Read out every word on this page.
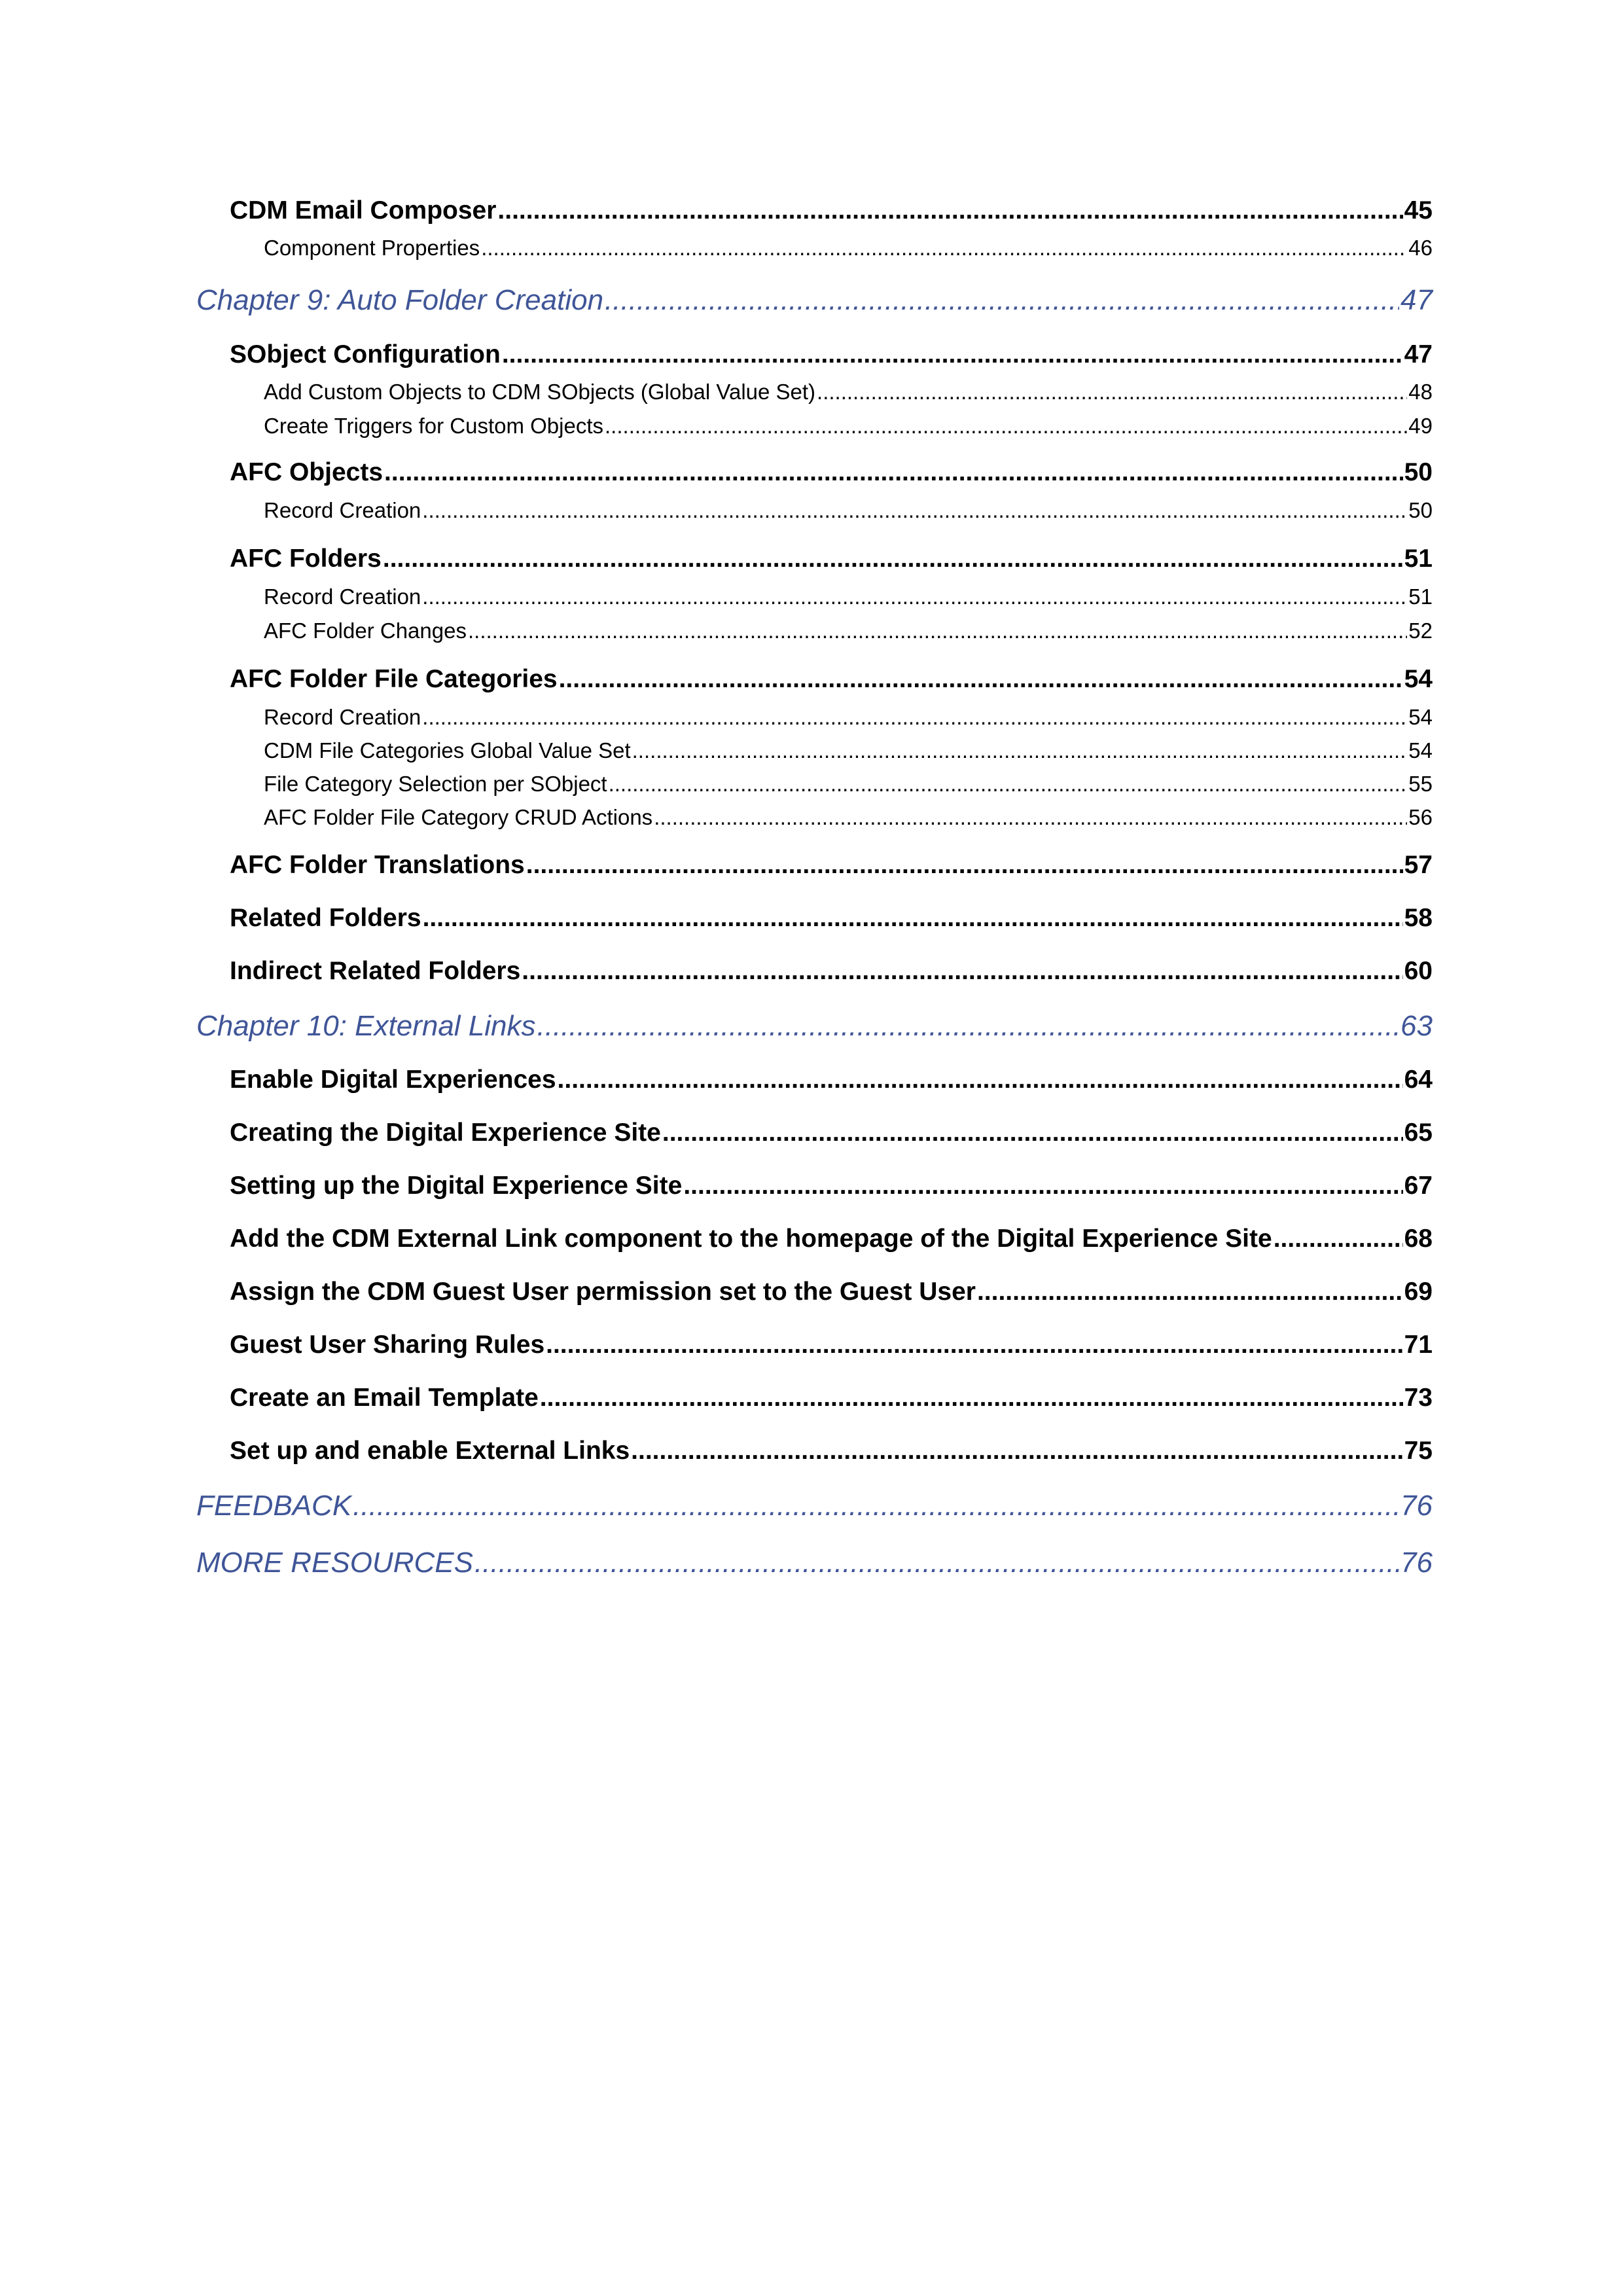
CDM Email Composer .....	45
Component Properties .....	46
Chapter 9: Auto Folder Creation .....	47
SObject Configuration .....	47
Add Custom Objects to CDM SObjects (Global Value Set) .....	48
Create Triggers for Custom Objects .....	49
AFC Objects .....	50
Record Creation .....	50
AFC Folders .....	51
Record Creation .....	51
AFC Folder Changes .....	52
AFC Folder File Categories .....	54
Record Creation .....	54
CDM File Categories Global Value Set .....	54
File Category Selection per SObject .....	55
AFC Folder File Category CRUD Actions .....	56
AFC Folder Translations .....	57
Related Folders .....	58
Indirect Related Folders .....	60
Chapter 10: External Links .....	63
Enable Digital Experiences .....	64
Creating the Digital Experience Site .....	65
Setting up the Digital Experience Site .....	67
Add the CDM External Link component to the homepage of the Digital Experience Site .....	68
Assign the CDM Guest User permission set to the Guest User .....	69
Guest User Sharing Rules .....	71
Create an Email Template .....	73
Set up and enable External Links .....	75
FEEDBACK .....	76
MORE RESOURCES .....	76
